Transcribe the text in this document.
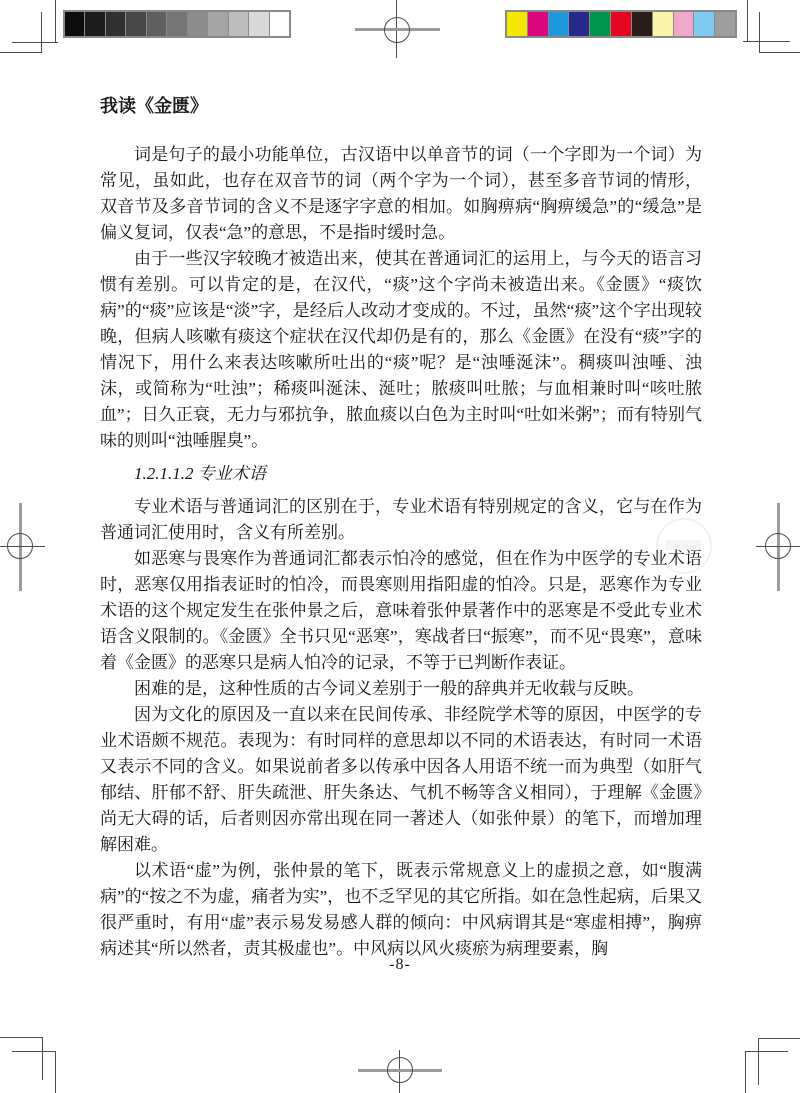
我读《金匮》

词是句子的最小功能单位，古汉语中以单音节的词（一个字即为一个词）为常见，虽如此，也存在双音节的词（两个字为一个词），甚至多音节词的情形，双音节及多音节词的含义不是逐字字意的相加。如胸痹病“胸痹缓急”的“缓急”是偏义复词，仅表“急”的意思，不是指时缓时急。

由于一些汉字较晚才被造出来，使其在普通词汇的运用上，与今天的语言习惯有差别。可以肯定的是，在汉代，“痰”这个字尚未被造出来。《金匮》“痰饮病”的“痰”应该是“淡”字，是经后人改动才变成的。不过，虽然“痰”这个字出现较晚，但病人咳嗽有痰这个症状在汉代却仍是有的，那么《金匮》在没有“痰”字的情况下，用什么来表达咳嗽所吐出的“痰”呢？是“浊唾涎沫”。稠痰叫浊唾、浊沫，或简称为“吐浊”；稀痰叫涎沫、涎吐；脓痰叫吐脓；与血相兼时叫“咳吐脓血”；日久正衰，无力与邪抗争，脓血痰以白色为主时叫“吐如米粥”；而有特别气味的则叫“浊唾腥臭”。

1.2.1.1.2 专业术语

专业术语与普通词汇的区别在于，专业术语有特别规定的含义，它与在作为普通词汇使用时，含义有所差别。

如恶寒与畏寒作为普通词汇都表示怕冷的感觉，但在作为中医学的专业术语时，恶寒仅用指表证时的怕冷，而畏寒则用指阳虚的怕冷。只是，恶寒作为专业术语的这个规定发生在张仲景之后，意味着张仲景著作中的恶寒是不受此专业术语含义限制的。《金匮》全书只见“恶寒”，寒战者曰“振寒”，而不见“畏寒”，意味着《金匮》的恶寒只是病人怕冷的记录，不等于已判断作表证。

困难的是，这种性质的古今词义差别于一般的辞典并无收载与反映。

因为文化的原因及一直以来在民间传承、非经院学术等的原因，中医学的专业术语颇不规范。表现为：有时同样的意思却以不同的术语表达，有时同一术语又表示不同的含义。如果说前者多以传承中因各人用语不统一而为典型（如肝气郁结、肝郁不舒、肝失疏泄、肝失条达、气机不畅等含义相同），于理解《金匮》尚无大碍的话，后者则因亦常出现在同一著述人（如张仲景）的笔下，而增加理解困难。

以术语“虚”为例，张仲景的笔下，既表示常规意义上的虚损之意，如“腹满病”的“按之不为虚，痛者为实”，也不乏罕见的其它所指。如在急性起病，后果又很严重时，有用“虚”表示易发易感人群的倾向：中风病谓其是“寒虚相搏”，胸痹病述其“所以然者，责其极虚也”。中风病以风火痰瘀为病理要素，胸

-8-
